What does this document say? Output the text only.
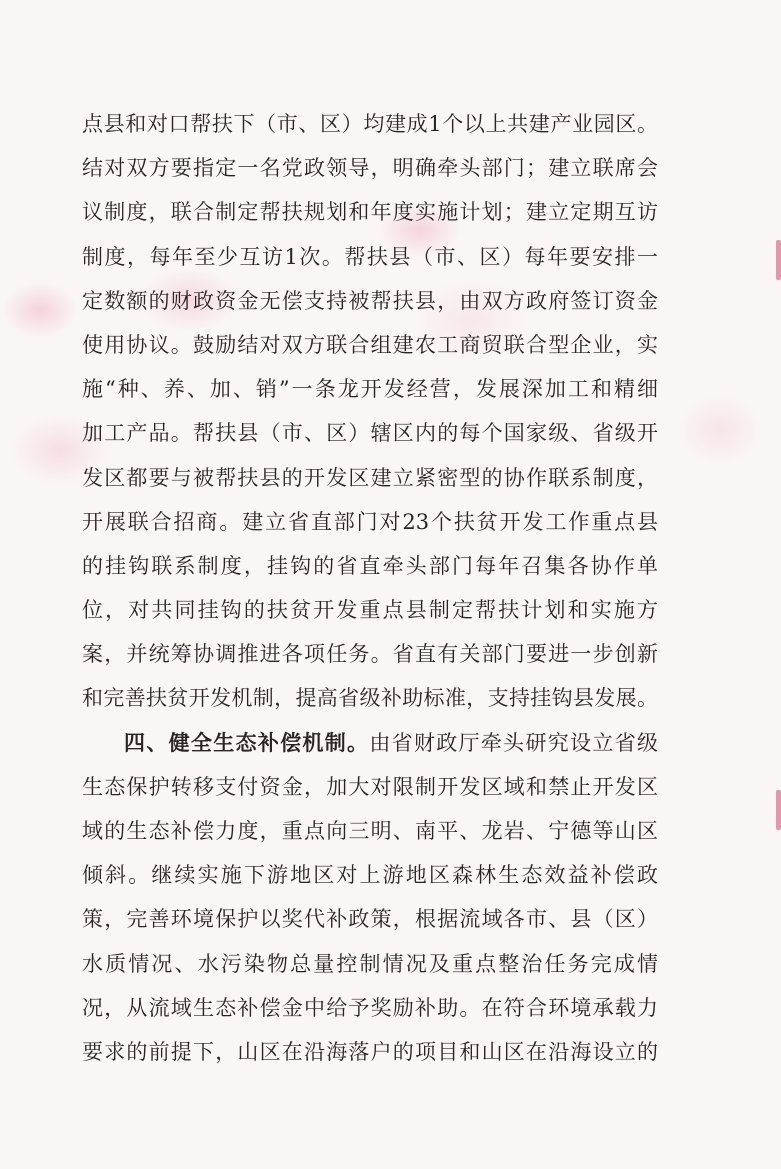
点县和对口帮扶下（市、区）均建成1个以上共建产业园区。
结对双方要指定一名党政领导，明确牵头部门；建立联席会
议制度，联合制定帮扶规划和年度实施计划；建立定期互访
制度，每年至少互访1次。帮扶县（市、区）每年要安排一
定数额的财政资金无偿支持被帮扶县，由双方政府签订资金
使用协议。鼓励结对双方联合组建农工商贸联合型企业，实
施“种、养、加、销”一条龙开发经营，发展深加工和精细
加工产品。帮扶县（市、区）辖区内的每个国家级、省级开
发区都要与被帮扶县的开发区建立紧密型的协作联系制度，
开展联合招商。建立省直部门对23个扶贫开发工作重点县
的挂钩联系制度，挂钩的省直牵头部门每年召集各协作单
位，对共同挂钩的扶贫开发重点县制定帮扶计划和实施方
案，并统筹协调推进各项任务。省直有关部门要进一步创新
和完善扶贫开发机制，提高省级补助标准，支持挂钩县发展。
四、健全生态补偿机制。由省财政厅牵头研究设立省级
生态保护转移支付资金，加大对限制开发区域和禁止开发区
域的生态补偿力度，重点向三明、南平、龙岩、宁德等山区
倾斜。继续实施下游地区对上游地区森林生态效益补偿政
策，完善环境保护以奖代补政策，根据流域各市、县（区）
水质情况、水污染物总量控制情况及重点整治任务完成情
况，从流域生态补偿金中给予奖励补助。在符合环境承载力
要求的前提下，山区在沿海落户的项目和山区在沿海设立的
